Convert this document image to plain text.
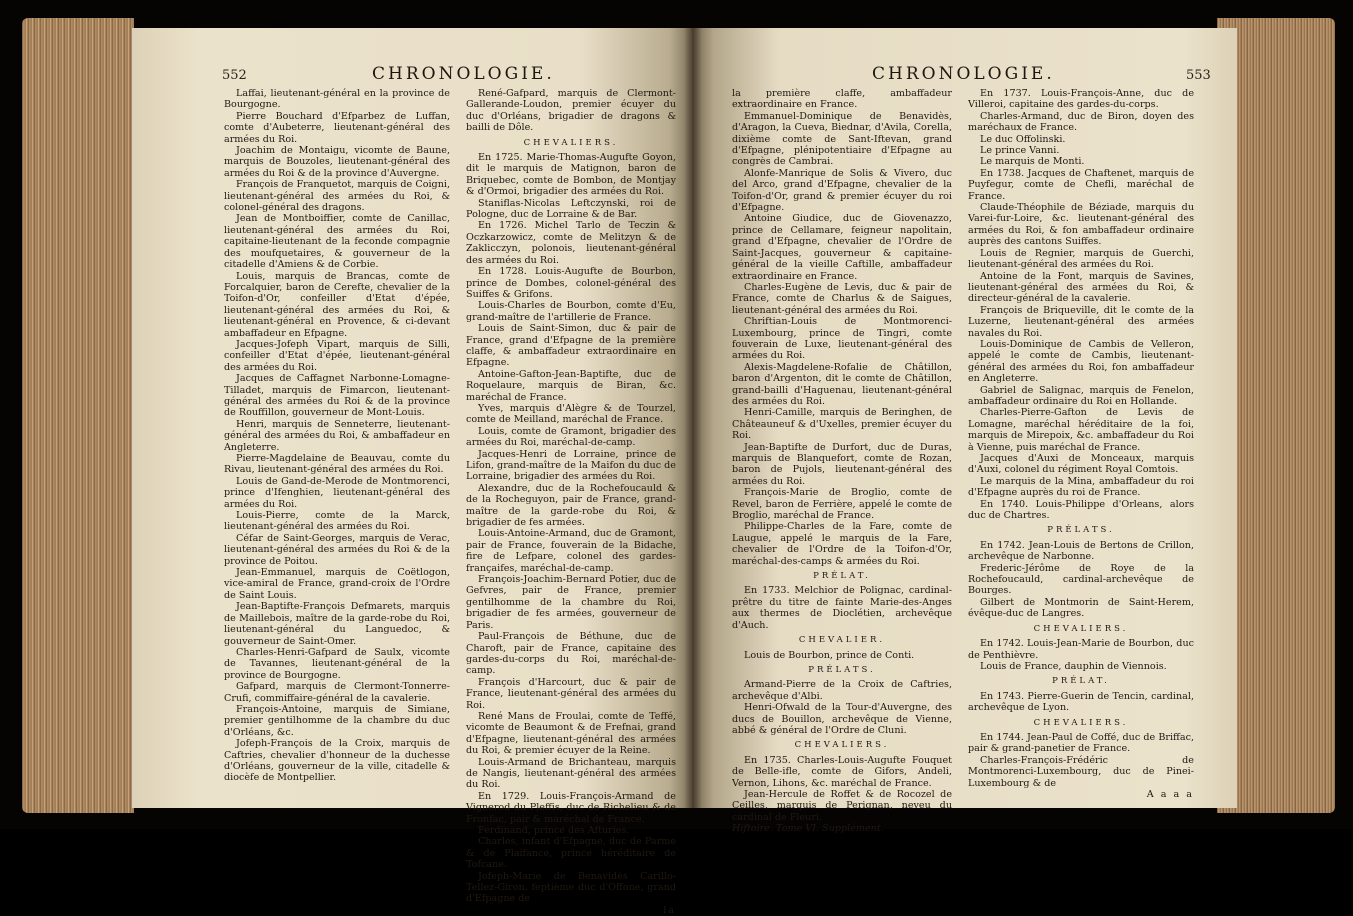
552	CHRONOLOGIE.

Laffai, lieutenant-général en la province de Bourgogne.

Pierre Bouchard d'Efparbez de Luffan, comte d'Aubeterre, lieutenant-général des armées du Roi.

Joachim de Montaigu, vicomte de Baune, marquis de Bouzoles, lieutenant-général des armées du Roi & de la province d'Auvergne.

François de Franquetot, marquis de Coigni, lieutenant-général des armées du Roi, & colonel-général des dragons.

Jean de Montboiffier, comte de Canillac, lieutenant-général des armées du Roi, capitaine-lieutenant de la feconde compagnie des moufquetaires, & gouverneur de la citadelle d'Amiens & de Corbie.

Louis, marquis de Brancas, comte de Forcalquier, baron de Cerefte, chevalier de la Toifon-d'Or, confeiller d'Etat d'épée, lieutenant-général des armées du Roi, & lieutenant-général en Provence, & ci-devant ambaffadeur en Efpagne.

Jacques-Jofeph Vipart, marquis de Silli, confeiller d'Etat d'épée, lieutenant-général des armées du Roi.

Jacques de Caffagnet Narbonne-Lomagne-Tilladet, marquis de Fimarcon, lieutenant-général des armées du Roi & de la province de Rouffillon, gouverneur de Mont-Louis.

Henri, marquis de Senneterre, lieutenant-général des armées du Roi, & ambaffadeur en Angleterre.

Pierre-Magdelaine de Beauvau, comte du Rivau, lieutenant-général des armées du Roi.

Louis de Gand-de-Merode de Montmorenci, prince d'Ifenghien, lieutenant-général des armées du Roi.

Louis-Pierre, comte de la Marck, lieutenant-général des armées du Roi.

Céfar de Saint-Georges, marquis de Verac, lieutenant-général des armées du Roi & de la province de Poitou.

Jean-Emmanuel, marquis de Coëtlogon, vice-amiral de France, grand-croix de l'Ordre de Saint Louis.

Jean-Baptifte-François Defmarets, marquis de Maillebois, maître de la garde-robe du Roi, lieutenant-général du Languedoc, & gouverneur de Saint-Omer.

Charles-Henri-Gafpard de Saulx, vicomte de Tavannes, lieutenant-général de la province de Bourgogne.

Gafpard, marquis de Clermont-Tonnerre-Crufi, commiffaire-général de la cavalerie.

François-Antoine, marquis de Simiane, premier gentilhomme de la chambre du duc d'Orléans, &c.

Jofeph-François de la Croix, marquis de Caftries, chevalier d'honneur de la duchesse d'Orléans, gouverneur de la ville, citadelle & diocèfe de Montpellier.

René-Gafpard, marquis de Clermont-Gallerande-Loudon, premier écuyer du duc d'Orléans, brigadier de dragons & bailli de Dôle.

CHEVALIERS.

En 1725. Marie-Thomas-Augufte Goyon, dit le marquis de Matignon, baron de Briquebec, comte de Bombon, de Montjay & d'Ormoi, brigadier des armées du Roi.

Staniflas-Nicolas Leftczynski, roi de Pologne, duc de Lorraine & de Bar.

En 1726. Michel Tarlo de Teczin & Oczkarzowicz, comte de Melitzyn & de Zaklicczyn, polonois, lieutenant-général des armées du Roi.

En 1728. Louis-Augufte de Bourbon, prince de Dombes, colonel-général des Suiffes & Grifons.

Louis-Charles de Bourbon, comte d'Eu, grand-maître de l'artillerie de France.

Louis de Saint-Simon, duc & pair de France, grand d'Efpagne de la première claffe, & ambaffadeur extraordinaire en Efpagne.

Antoine-Gafton-Jean-Baptifte, duc de Roquelaure, marquis de Biran, &c. maréchal de France.

Yves, marquis d'Alègre & de Tourzel, comte de Meilland, maréchal de France.

Louis, comte de Gramont, brigadier des armées du Roi, maréchal-de-camp.

Jacques-Henri de Lorraine, prince de Lifon, grand-maître de la Maifon du duc de Lorraine, brigadier des armées du Roi.

Alexandre, duc de la Rochefoucauld & de la Rocheguyon, pair de France, grand-maître de la garde-robe du Roi, & brigadier de fes armées.

Louis-Antoine-Armand, duc de Gramont, pair de France, fouverain de la Bidache, fire de Lefpare, colonel des gardes-françaifes, maréchal-de-camp.

François-Joachim-Bernard Potier, duc de Gefvres, pair de France, premier gentilhomme de la chambre du Roi, brigadier de fes armées, gouverneur de Paris.

Paul-François de Béthune, duc de Charoft, pair de France, capitaine des gardes-du-corps du Roi, maréchal-de-camp.

François d'Harcourt, duc & pair de France, lieutenant-général des armées du Roi.

René Mans de Froulai, comte de Teffé, vicomte de Beaumont & de Frefnai, grand d'Efpagne, lieutenant-général des armées du Roi, & premier écuyer de la Reine.

Louis-Armand de Brichanteau, marquis de Nangis, lieutenant-général des armées du Roi.

En 1729. Louis-François-Armand de Vignerod du Pleffis, duc de Richelieu & de Fronfac, pair & maréchal de France.

Ferdinand, prince des Afturies.

Charles, infant d'Efpagne, duc de Parme & de Plaifance, prince héréditaire de Tofcane.

Jofeph-Marie de Benavidès Carillo-Tellez-Giron, feptième duc d'Offone, grand d'Efpagne de

la

CHRONOLOGIE.	553

la première claffe, ambaffadeur extraordinaire en France.

Emmanuel-Dominique de Benavidès, d'Aragon, la Cueva, Biednar, d'Avila, Corella, dixième comte de Sant-Iftevan, grand d'Efpagne, plénipotentiaire d'Efpagne au congrès de Cambrai.

Alonfe-Manrique de Solis & Vivero, duc del Arco, grand d'Efpagne, chevalier de la Toifon-d'Or, grand & premier écuyer du roi d'Efpagne.

Antoine Giudice, duc de Giovenazzo, prince de Cellamare, feigneur napolitain, grand d'Efpagne, chevalier de l'Ordre de Saint-Jacques, gouverneur & capitaine-général de la vieille Caftille, ambaffadeur extraordinaire en France.

Charles-Eugène de Levis, duc & pair de France, comte de Charlus & de Saigues, lieutenant-général des armées du Roi.

Chriftian-Louis de Montmorenci-Luxembourg, prince de Tingri, comte fouverain de Luxe, lieutenant-général des armées du Roi.

Alexis-Magdelene-Rofalie de Châtillon, baron d'Argenton, dit le comte de Châtillon, grand-bailli d'Haguenau, lieutenant-général des armées du Roi.

Henri-Camille, marquis de Beringhen, de Châteauneuf & d'Uxelles, premier écuyer du Roi.

Jean-Baptifte de Durfort, duc de Duras, marquis de Blanquefort, comte de Rozan, baron de Pujols, lieutenant-général des armées du Roi.

François-Marie de Broglio, comte de Revel, baron de Ferrière, appelé le comte de Broglio, maréchal de France.

Philippe-Charles de la Fare, comte de Laugue, appelé le marquis de la Fare, chevalier de l'Ordre de la Toifon-d'Or, maréchal-des-camps & armées du Roi.

PRÉLAT.

En 1733. Melchior de Polignac, cardinal-prêtre du titre de fainte Marie-des-Anges aux thermes de Dioclétien, archevêque d'Auch.

CHEVALIER.

Louis de Bourbon, prince de Conti.

PRÉLATS.

Armand-Pierre de la Croix de Caftries, archevêque d'Albi.

Henri-Ofwald de la Tour-d'Auvergne, des ducs de Bouillon, archevêque de Vienne, abbé & général de l'Ordre de Cluni.

CHEVALIERS.

En 1735. Charles-Louis-Augufte Fouquet de Belle-ifle, comte de Gifors, Andeli, Vernon, Lihons, &c. maréchal de France.

Jean-Hercule de Roffet & de Rocozel de Ceilles, marquis de Perignan, neveu du cardinal de Fleuri.

Hiftoire. Tome VI. Supplément.

En 1737. Louis-François-Anne, duc de Villeroi, capitaine des gardes-du-corps.

Charles-Armand, duc de Biron, doyen des maréchaux de France.

Le duc Offolinski.

Le prince Vanni.

Le marquis de Monti.

En 1738. Jacques de Chaftenet, marquis de Puyfegur, comte de Chefli, maréchal de France.

Claude-Théophile de Béziade, marquis du Varei-fur-Loire, &c. lieutenant-général des armées du Roi, & fon ambaffadeur ordinaire auprès des cantons Suiffes.

Louis de Regnier, marquis de Guerchi, lieutenant-général des armées du Roi.

Antoine de la Font, marquis de Savines, lieutenant-général des armées du Roi, & directeur-général de la cavalerie.

François de Briqueville, dit le comte de la Luzerne, lieutenant-général des armées navales du Roi.

Louis-Dominique de Cambis de Velleron, appelé le comte de Cambis, lieutenant-général des armées du Roi, fon ambaffadeur en Angleterre.

Gabriel de Salignac, marquis de Fenelon, ambaffadeur ordinaire du Roi en Hollande.

Charles-Pierre-Gafton de Levis de Lomagne, maréchal héréditaire de la foi, marquis de Mirepoix, &c. ambaffadeur du Roi à Vienne, puis maréchal de France.

Jacques d'Auxi de Monceaux, marquis d'Auxi, colonel du régiment Royal Comtois.

Le marquis de la Mina, ambaffadeur du roi d'Efpagne auprès du roi de France.

En 1740. Louis-Philippe d'Orleans, alors duc de Chartres.

PRÉLATS.

En 1742. Jean-Louis de Bertons de Crillon, archevêque de Narbonne.

Frederic-Jérôme de Roye de la Rochefoucauld, cardinal-archevêque de Bourges.

Gilbert de Montmorin de Saint-Herem, évêque-duc de Langres.

CHEVALIERS.

En 1742. Louis-Jean-Marie de Bourbon, duc de Penthièvre.

Louis de France, dauphin de Viennois.

PRÉLAT.

En 1743. Pierre-Guerin de Tencin, cardinal, archevêque de Lyon.

CHEVALIERS.

En 1744. Jean-Paul de Coffé, duc de Briffac, pair & grand-panetier de France.

Charles-François-Frédéric de Montmorenci-Luxembourg, duc de Pinei-Luxembourg & de

A a a a
